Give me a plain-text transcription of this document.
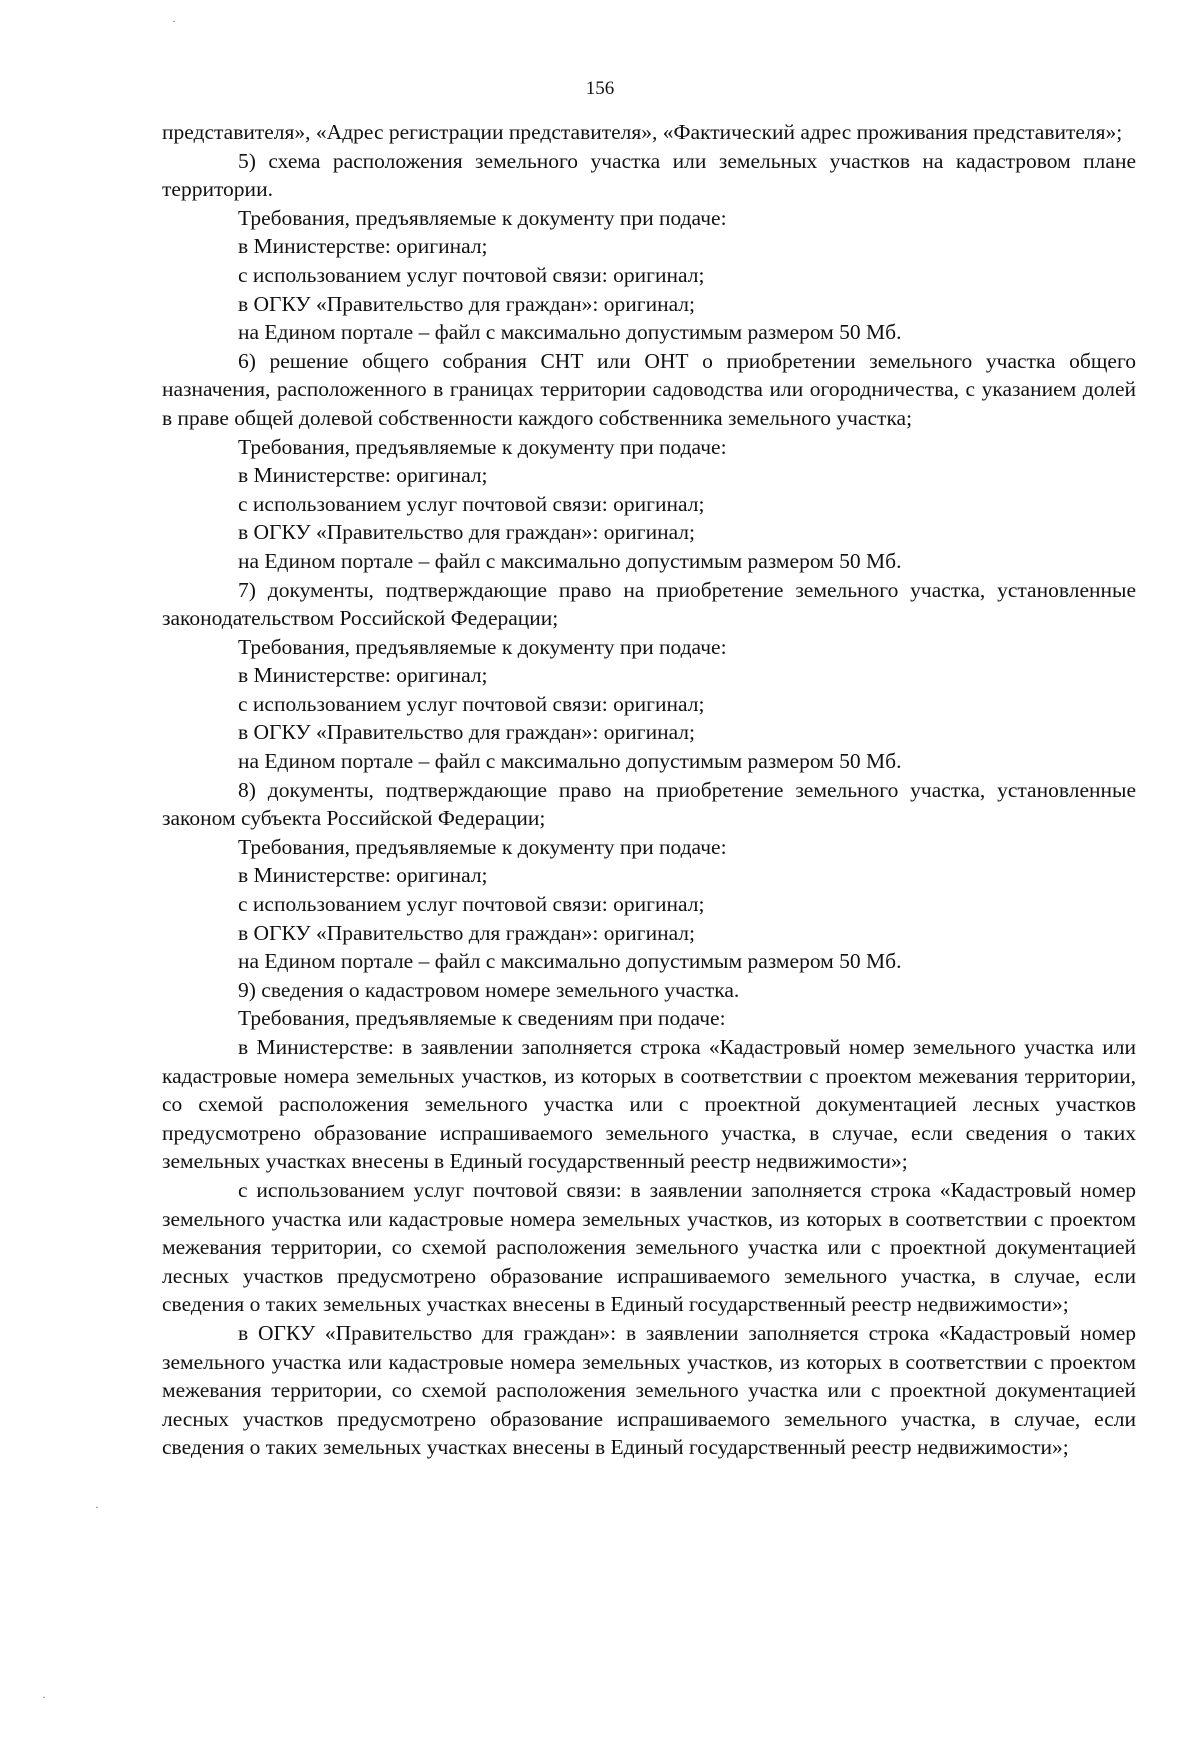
·
·
·
156

представителя», «Адрес регистрации представителя», «Фактический адрес проживания представителя»;

5) схема расположения земельного участка или земельных участков на кадастровом плане территории.

Требования, предъявляемые к документу при подаче:

в Министерстве: оригинал;

с использованием услуг почтовой связи: оригинал;

в ОГКУ «Правительство для граждан»: оригинал;

на Едином портале – файл с максимально допустимым размером 50 Мб.

6) решение общего собрания СНТ или ОНТ о приобретении земельного участка общего назначения, расположенного в границах территории садоводства или огородничества, с указанием долей в праве общей долевой собственности каждого собственника земельного участка;

Требования, предъявляемые к документу при подаче:

в Министерстве: оригинал;

с использованием услуг почтовой связи: оригинал;

в ОГКУ «Правительство для граждан»: оригинал;

на Едином портале – файл с максимально допустимым размером 50 Мб.

7) документы, подтверждающие право на приобретение земельного участка, установленные законодательством Российской Федерации;

Требования, предъявляемые к документу при подаче:

в Министерстве: оригинал;

с использованием услуг почтовой связи: оригинал;

в ОГКУ «Правительство для граждан»: оригинал;

на Едином портале – файл с максимально допустимым размером 50 Мб.

8) документы, подтверждающие право на приобретение земельного участка, установленные законом субъекта Российской Федерации;

Требования, предъявляемые к документу при подаче:

в Министерстве: оригинал;

с использованием услуг почтовой связи: оригинал;

в ОГКУ «Правительство для граждан»: оригинал;

на Едином портале – файл с максимально допустимым размером 50 Мб.

9) сведения о кадастровом номере земельного участка.

Требования, предъявляемые к сведениям при подаче:

в Министерстве: в заявлении заполняется строка «Кадастровый номер земельного участка или кадастровые номера земельных участков, из которых в соответствии с проектом межевания территории, со схемой расположения земельного участка или с проектной документацией лесных участков предусмотрено образование испрашиваемого земельного участка, в случае, если сведения о таких земельных участках внесены в Единый государственный реестр недвижимости»;

с использованием услуг почтовой связи: в заявлении заполняется строка «Кадастровый номер земельного участка или кадастровые номера земельных участков, из которых в соответствии с проектом межевания территории, со схемой расположения земельного участка или с проектной документацией лесных участков предусмотрено образование испрашиваемого земельного участка, в случае, если сведения о таких земельных участках внесены в Единый государственный реестр недвижимости»;

в ОГКУ «Правительство для граждан»: в заявлении заполняется строка «Кадастровый номер земельного участка или кадастровые номера земельных участков, из которых в соответствии с проектом межевания территории, со схемой расположения земельного участка или с проектной документацией лесных участков предусмотрено образование испрашиваемого земельного участка, в случае, если сведения о таких земельных участках внесены в Единый государственный реестр недвижимости»;
